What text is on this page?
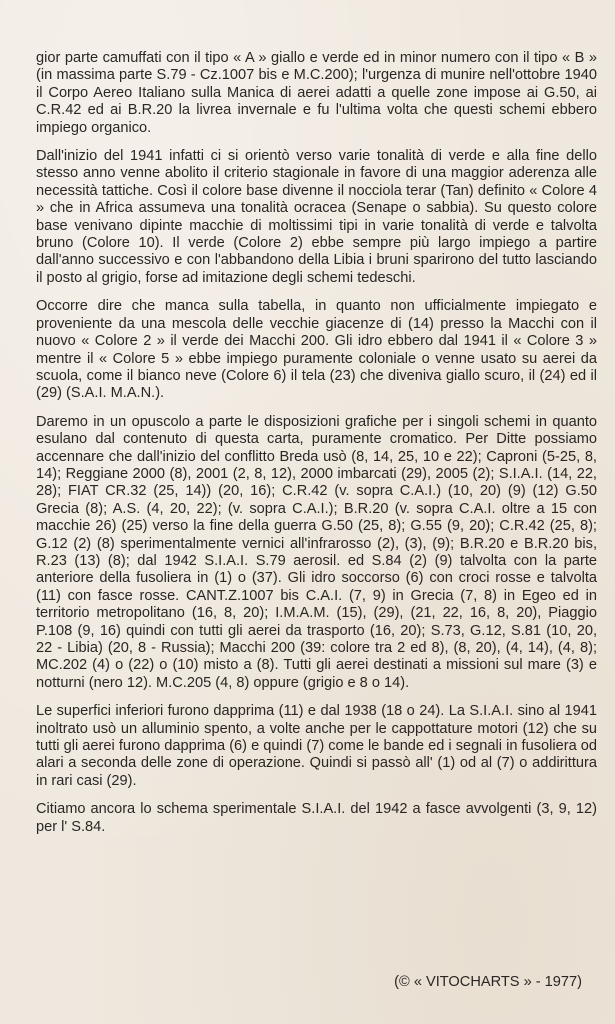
gior parte camuffati con il tipo « A » giallo e verde ed in minor numero con il tipo « B » (in massima parte S.79 - Cz.1007 bis e M.C.200); l'urgenza di munire nell'ottobre 1940 il Corpo Aereo Italiano sulla Manica di aerei adatti a quelle zone impose ai G.50, ai C.R.42 ed ai B.R.20 la livrea invernale e fu l'ultima volta che questi schemi ebbero impiego organico.

Dall'inizio del 1941 infatti ci si orientò verso varie tonalità di verde e alla fine dello stesso anno venne abolito il criterio stagionale in favore di una maggior aderenza alle necessità tattiche. Così il colore base divenne il nocciola terar (Tan) definito « Colore 4 » che in Africa assumeva una tonalità ocracea (Senape o sabbia). Su questo colore base venivano dipinte macchie di moltissimi tipi in varie tonalità di verde e talvolta bruno (Colore 10). Il verde (Colore 2) ebbe sempre più largo impiego a partire dall'anno successivo e con l'abbandono della Libia i bruni sparirono del tutto lasciando il posto al grigio, forse ad imitazione degli schemi tedeschi.

Occorre dire che manca sulla tabella, in quanto non ufficialmente impiegato e proveniente da una mescola delle vecchie giacenze di (14) presso la Macchi con il nuovo « Colore 2 » il verde dei Macchi 200. Gli idro ebbero dal 1941 il « Colore 3 » mentre il « Colore 5 » ebbe impiego puramente coloniale o venne usato su aerei da scuola, come il bianco neve (Colore 6) il tela (23) che diveniva giallo scuro, il (24) ed il (29) (S.A.I. M.A.N.).

Daremo in un opuscolo a parte le disposizioni grafiche per i singoli schemi in quanto esulano dal contenuto di questa carta, puramente cromatico. Per Ditte possiamo accennare che dall'inizio del conflitto Breda usò (8, 14, 25, 10 e 22); Caproni (5-25, 8, 14); Reggiane 2000 (8), 2001 (2, 8, 12), 2000 imbarcati (29), 2005 (2); S.I.A.I. (14, 22, 28); FIAT CR.32 (25, 14)) (20, 16); C.R.42 (v. sopra C.A.I.) (10, 20) (9) (12) G.50 Grecia (8); A.S. (4, 20, 22); (v. sopra C.A.I.); B.R.20 (v. sopra C.A.I. oltre a 15 con macchie 26) (25) verso la fine della guerra G.50 (25, 8); G.55 (9, 20); C.R.42 (25, 8); G.12 (2) (8) sperimentalmente vernici all'infrarosso (2), (3), (9); B.R.20 e B.R.20 bis, R.23 (13) (8); dal 1942 S.I.A.I. S.79 aerosil. ed S.84 (2) (9) talvolta con la parte anteriore della fusoliera in (1) o (37). Gli idro soccorso (6) con croci rosse e talvolta (11) con fasce rosse. CANT.Z.1007 bis C.A.I. (7, 9) in Grecia (7, 8) in Egeo ed in territorio metropolitano (16, 8, 20); I.M.A.M. (15), (29), (21, 22, 16, 8, 20), Piaggio P.108 (9, 16) quindi con tutti gli aerei da trasporto (16, 20); S.73, G.12, S.81 (10, 20, 22 - Libia) (20, 8 - Russia); Macchi 200 (39: colore tra 2 ed 8), (8, 20), (4, 14), (4, 8); MC.202 (4) o (22) o (10) misto a (8). Tutti gli aerei destinati a missioni sul mare (3) e notturni (nero 12). M.C.205 (4, 8) oppure (grigio e 8 o 14).

Le superfici inferiori furono dapprima (11) e dal 1938 (18 o 24). La S.I.A.I. sino al 1941 inoltrato usò un alluminio spento, a volte anche per le cappottature motori (12) che su tutti gli aerei furono dapprima (6) e quindi (7) come le bande ed i segnali in fusoliera od alari a seconda delle zone di operazione. Quindi si passò all' (1) od al (7) o addirittura in rari casi (29).

Citiamo ancora lo schema sperimentale S.I.A.I. del 1942 a fasce avvolgenti (3, 9, 12) per l' S.84.

(© « VITOCHARTS » - 1977)
